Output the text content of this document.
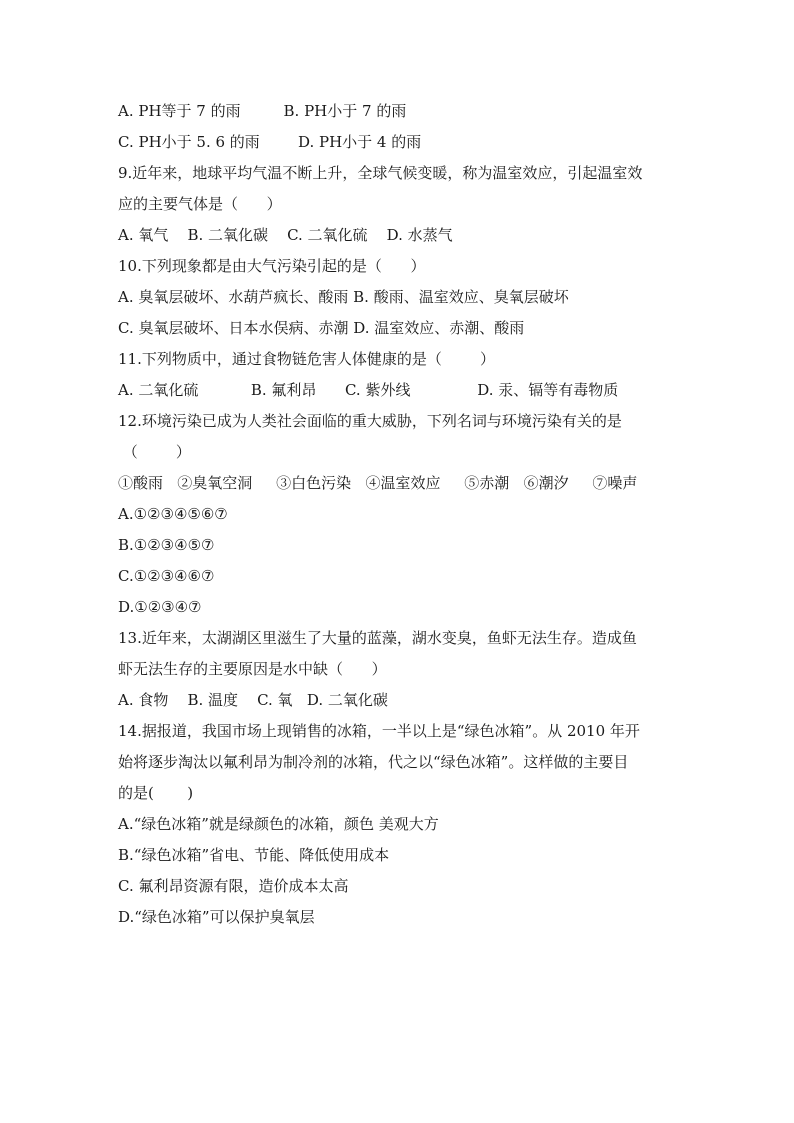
A. PH等于 7 的雨         B. PH小于 7 的雨
C. PH小于 5. 6 的雨        D. PH小于 4 的雨
9.近年来，地球平均气温不断上升，全球气候变暖，称为温室效应，引起温室效
应的主要气体是（      ）
A. 氧气    B. 二氧化碳    C. 二氧化硫    D. 水蒸气
10.下列现象都是由大气污染引起的是（      ）
A. 臭氧层破坏、水葫芦疯长、酸雨 B. 酸雨、温室效应、臭氧层破坏
C. 臭氧层破坏、日本水俣病、赤潮 D. 温室效应、赤潮、酸雨
11.下列物质中，通过食物链危害人体健康的是（        ）
A. 二氧化硫           B. 氟利昂      C. 紫外线              D. 汞、镉等有毒物质
12.环境污染已成为人类社会面临的重大威胁，下列名词与环境污染有关的是
（        ）
①酸雨   ②臭氧空洞     ③白色污染   ④温室效应     ⑤赤潮   ⑥潮汐     ⑦噪声
A.①②③④⑤⑥⑦
B.①②③④⑤⑦
C.①②③④⑥⑦
D.①②③④⑦
13.近年来，太湖湖区里滋生了大量的蓝藻，湖水变臭，鱼虾无法生存。造成鱼
虾无法生存的主要原因是水中缺（      ）
A. 食物    B. 温度    C. 氧   D. 二氧化碳
14.据报道，我国市场上现销售的冰箱，一半以上是“绿色冰箱”。从 2010 年开
始将逐步淘汰以氟利昂为制冷剂的冰箱，代之以“绿色冰箱”。这样做的主要目
的是(       )
A.“绿色冰箱”就是绿颜色的冰箱，颜色 美观大方
B.“绿色冰箱”省电、节能、降低使用成本
C. 氟利昂资源有限，造价成本太高
D.“绿色冰箱”可以保护臭氧层
